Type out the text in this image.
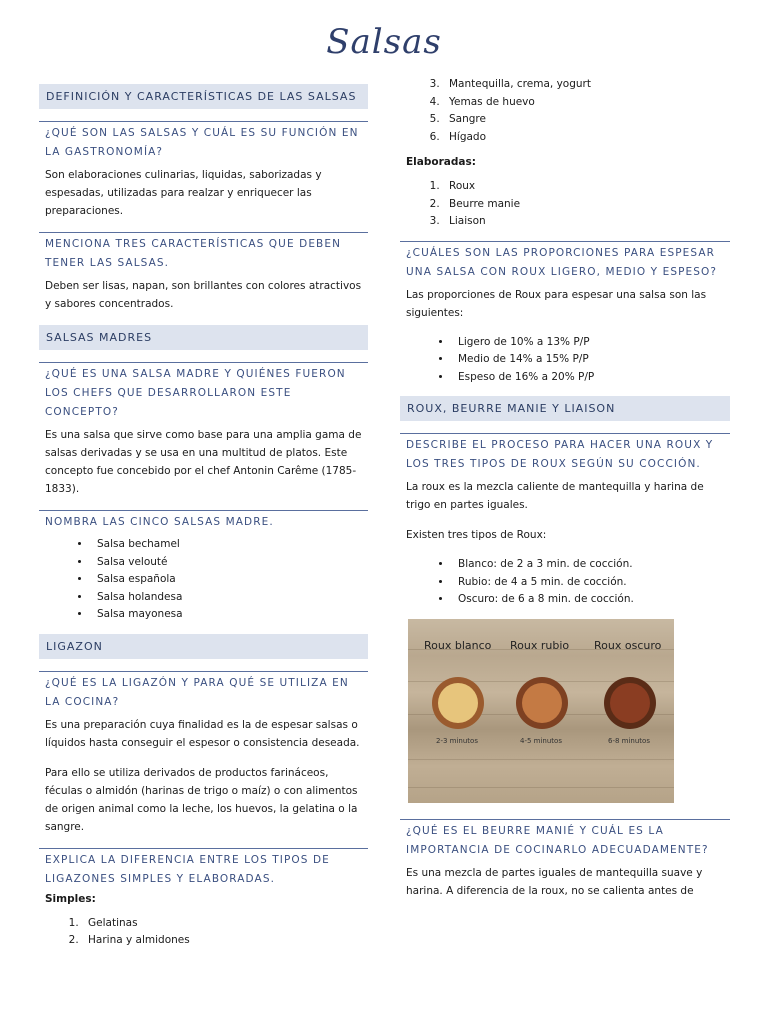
Salsas
DEFINICIÓN Y CARACTERÍSTICAS DE LAS SALSAS
¿QUÉ SON LAS SALSAS Y CUÁL ES SU FUNCIÓN EN LA GASTRONOMÍA?
Son elaboraciones culinarias, liquidas, saborizadas y espesadas, utilizadas para realzar y enriquecer las preparaciones.
MENCIONA TRES CARACTERÍSTICAS QUE DEBEN TENER LAS SALSAS.
Deben ser lisas, napan, son brillantes con colores atractivos y sabores concentrados.
SALSAS MADRES
¿QUÉ ES UNA SALSA MADRE Y QUIÉNES FUERON LOS CHEFS QUE DESARROLLARON ESTE CONCEPTO?
Es una salsa que sirve como base para una amplia gama de salsas derivadas y se usa en una multitud de platos. Este concepto fue concebido por el chef Antonin Carême (1785-1833).
NOMBRA LAS CINCO SALSAS MADRE.
• Salsa bechamel
• Salsa velouté
• Salsa española
• Salsa holandesa
• Salsa mayonesa
LIGAZON
¿QUÉ ES LA LIGAZÓN Y PARA QUÉ SE UTILIZA EN LA COCINA?
Es una preparación cuya finalidad es la de espesar salsas o líquidos hasta conseguir el espesor o consistencia deseada.
Para ello se utiliza derivados de productos farináceos, féculas o almidón (harinas de trigo o maíz) o con alimentos de origen animal como la leche, los huevos, la gelatina o la sangre.
EXPLICA LA DIFERENCIA ENTRE LOS TIPOS DE LIGAZONES SIMPLES Y ELABORADAS.
Simples:
1. Gelatinas
2. Harina y almidones
3. Mantequilla, crema, yogurt
4. Yemas de huevo
5. Sangre
6. Hígado
Elaboradas:
1. Roux
2. Beurre manie
3. Liaison
¿CUÁLES SON LAS PROPORCIONES PARA ESPESAR UNA SALSA CON ROUX LIGERO, MEDIO Y ESPESO?
Las proporciones de Roux para espesar una salsa son las siguientes:
• Ligero de 10% a 13% P/P
• Medio de 14% a 15% P/P
• Espeso de 16% a 20% P/P
ROUX, BEURRE MANIE Y LIAISON
DESCRIBE EL PROCESO PARA HACER UNA ROUX Y LOS TRES TIPOS DE ROUX SEGÚN SU COCCIÓN.
La roux es la mezcla caliente de mantequilla y harina de trigo en partes iguales.
Existen tres tipos de Roux:
• Blanco: de 2 a 3 min. de cocción.
• Rubio: de 4 a 5 min. de cocción.
• Oscuro: de 6 a 8 min. de cocción.
Roux blanco Roux rubio Roux oscuro
2-3 minutos	4-5 minutos	6-8 minutos
¿QUÉ ES EL BEURRE MANIÉ Y CUÁL ES LA IMPORTANCIA DE COCINARLO ADECUADAMENTE?
Es una mezcla de partes iguales de mantequilla suave y harina. A diferencia de la roux, no se calienta antes de
